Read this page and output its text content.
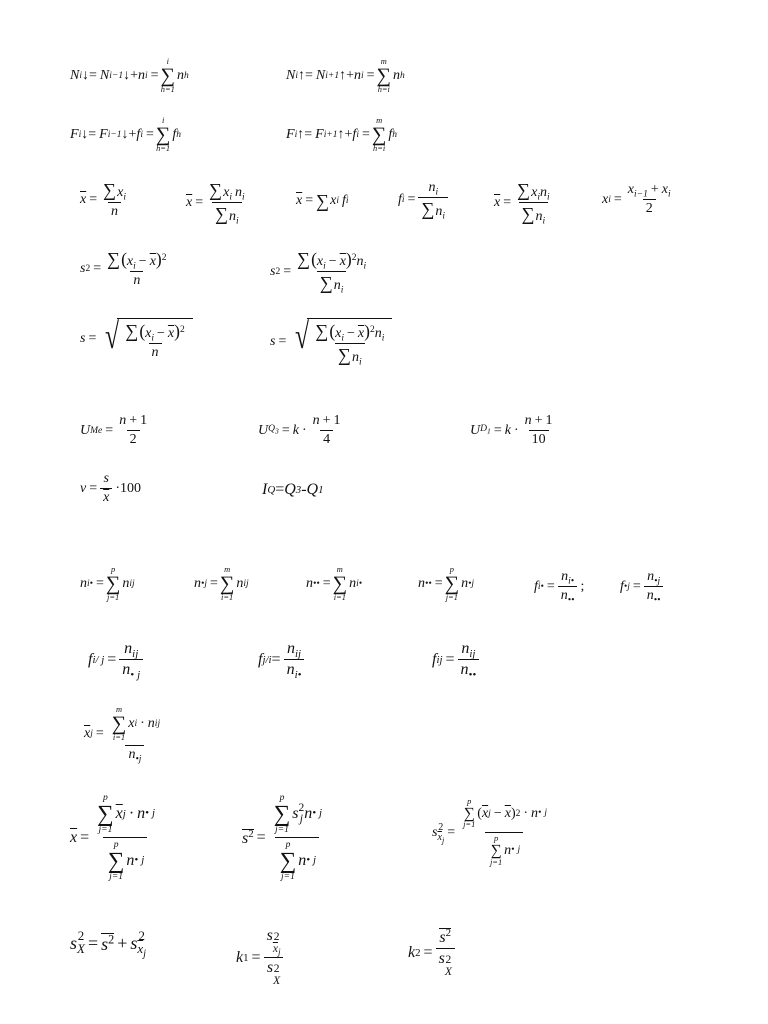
N i ↓ = N i−1 ↓ + n i =
i
∑
h=1
n h	N i ↑ = N i+1 ↑ + n i =
m
∑
h=i
n h
F i ↓ = F i−1 ↓ + f i =
i
∑
h=1
f h	F i ↑ = F i+1 ↑ + f i =
m
∑
h=i
f h
$\overline{x} = \frac{\sum x_i}{n}$	$\overline{x} = \frac{\sum x_i n_i}{\sum n_i}$	$\overline{x}$ = ∑ x i f i	f $i = \frac{n_i}{\sum n_i}$	$\overline{x} = \frac{\sum x_in_i}{\sum n_i}$	x $i = \frac{x_{i-1} + x_i}{2}$
s $2 = \frac{\sum(x_i - \overline{x})^2}{n}$	s $2 = \frac{\sum(x_i - \overline{x})^2n_i}{\sum n_i}$
s = √ $\frac{\sum(x_i - \overline{x})^2}{n}$	s = √ $\frac{\sum(x_i - \overline{x})^2n_i}{\sum n_i}$
U $Me = \frac{n + 1}{2}$	U $Q_3 = k \cdot \frac{n + 1}{4}$	U $D_1 = k \cdot \frac{n + 1}{10}$
$v = \frac{s}{x} \cdot 100$	I Q = Q 3 - Q 1
n i• =
p
∑
j=1
n ij	n •j =
m
∑
i=1
n ij	n •• =
m
∑
i=1
n i•	n •• =
p
∑
j=1
n •j	f i• = $\frac{n_{i•}}{n_{••}}$ ;	f •j = $\frac{n_{•j}}{n_{••}}$
f i/ $j = \frac{n_{ij}}{n_{• j}}$	f $j/i = \frac{n_{ij}}{n_{i•}}$	f ij = $\frac{n_{ij}}{n_{••}}$
$\overline{x}$ j = m
∑
i=1
x i · n ij
$n_{•j}$
$\overline{x} = p$
∑
j=1
$\overline{x}$ j · n • j
p
∑
j=1
n • j	$s^2 = p$
∑
j=1
s 2
j n • j
p
∑
j=1
n • j	s 2
$\overline{x}_j$
= p
∑
j=1
( $\overline{x}$ $j - \overline{x}$ ) 2 · n • j
p
∑
j=1
n • j
s 2
$X = s^2 + s$ 2
$\overline{x}_j$	k 1 = s 2
$\overline{x}_j$
s 2
X	k $2 = s^2$
s 2
X
